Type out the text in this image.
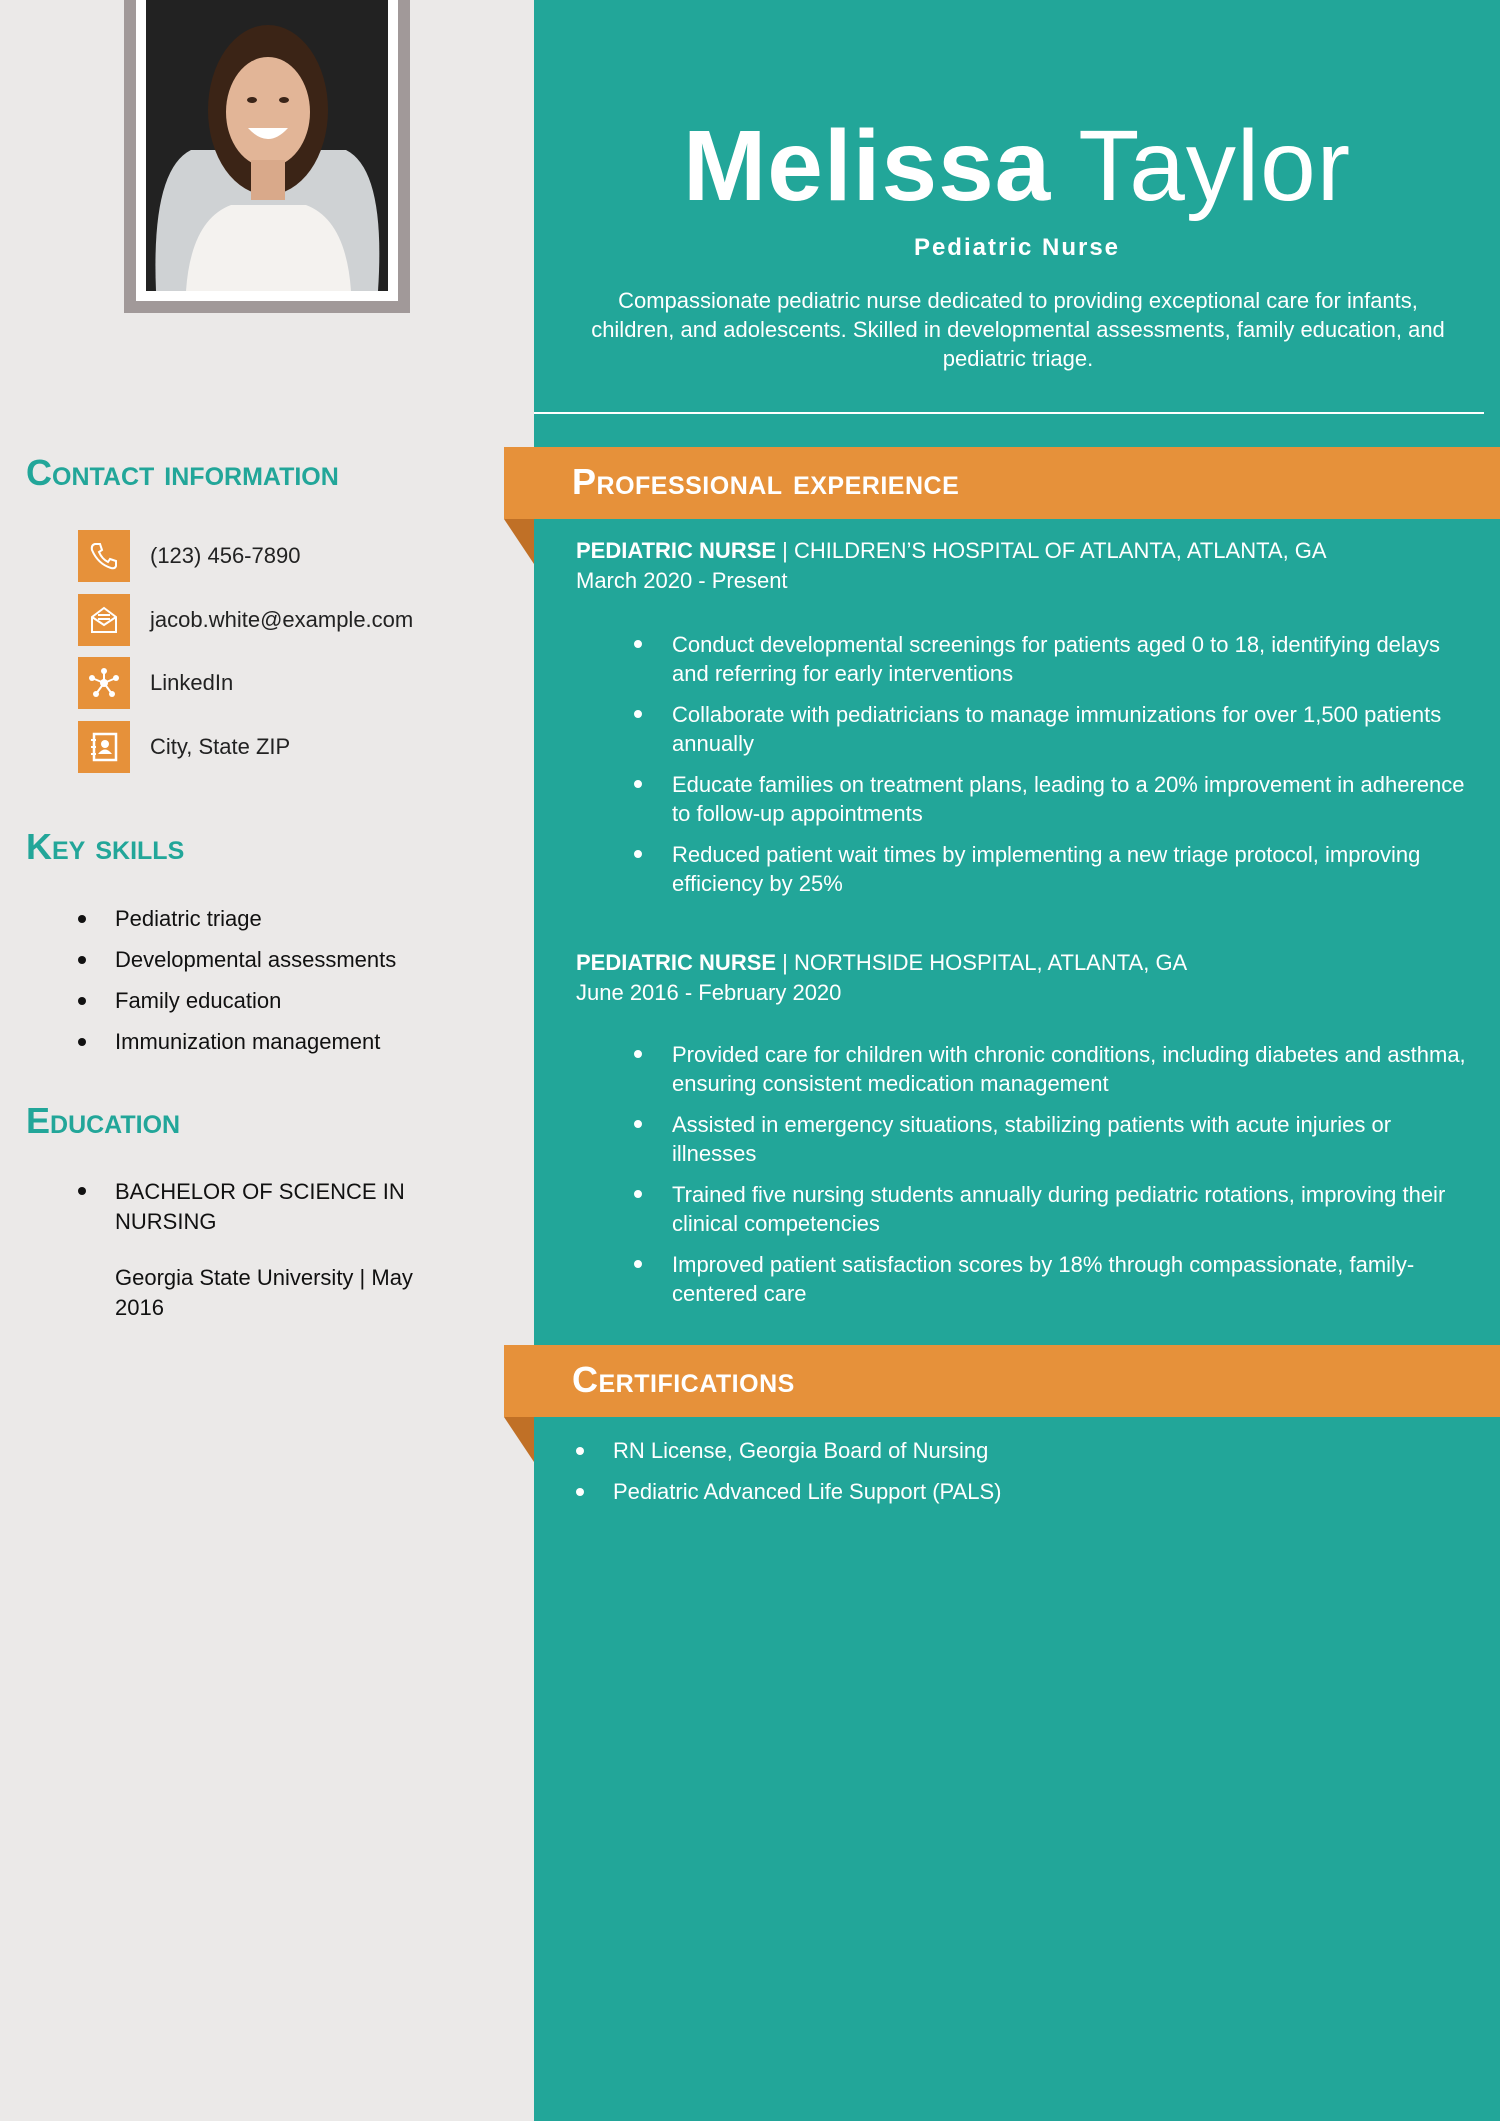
Melissa Taylor
Pediatric Nurse
Compassionate pediatric nurse dedicated to providing exceptional care for infants, children, and adolescents. Skilled in developmental assessments, family education, and pediatric triage.
Contact information
(123) 456-7890
jacob.white@example.com
LinkedIn
City, State ZIP
Key skills
Pediatric triage
Developmental assessments
Family education
Immunization management
Education
BACHELOR OF SCIENCE IN NURSING
Georgia State University | May 2016
Professional experience
PEDIATRIC NURSE | CHILDREN’S HOSPITAL OF ATLANTA, ATLANTA, GA
March 2020 - Present
Conduct developmental screenings for patients aged 0 to 18, identifying delays and referring for early interventions
Collaborate with pediatricians to manage immunizations for over 1,500 patients annually
Educate families on treatment plans, leading to a 20% improvement in adherence to follow-up appointments
Reduced patient wait times by implementing a new triage protocol, improving efficiency by 25%
PEDIATRIC NURSE | NORTHSIDE HOSPITAL, ATLANTA, GA
June 2016 - February 2020
Provided care for children with chronic conditions, including diabetes and asthma, ensuring consistent medication management
Assisted in emergency situations, stabilizing patients with acute injuries or illnesses
Trained five nursing students annually during pediatric rotations, improving their clinical competencies
Improved patient satisfaction scores by 18% through compassionate, family-centered care
Certifications
RN License, Georgia Board of Nursing
Pediatric Advanced Life Support (PALS)
